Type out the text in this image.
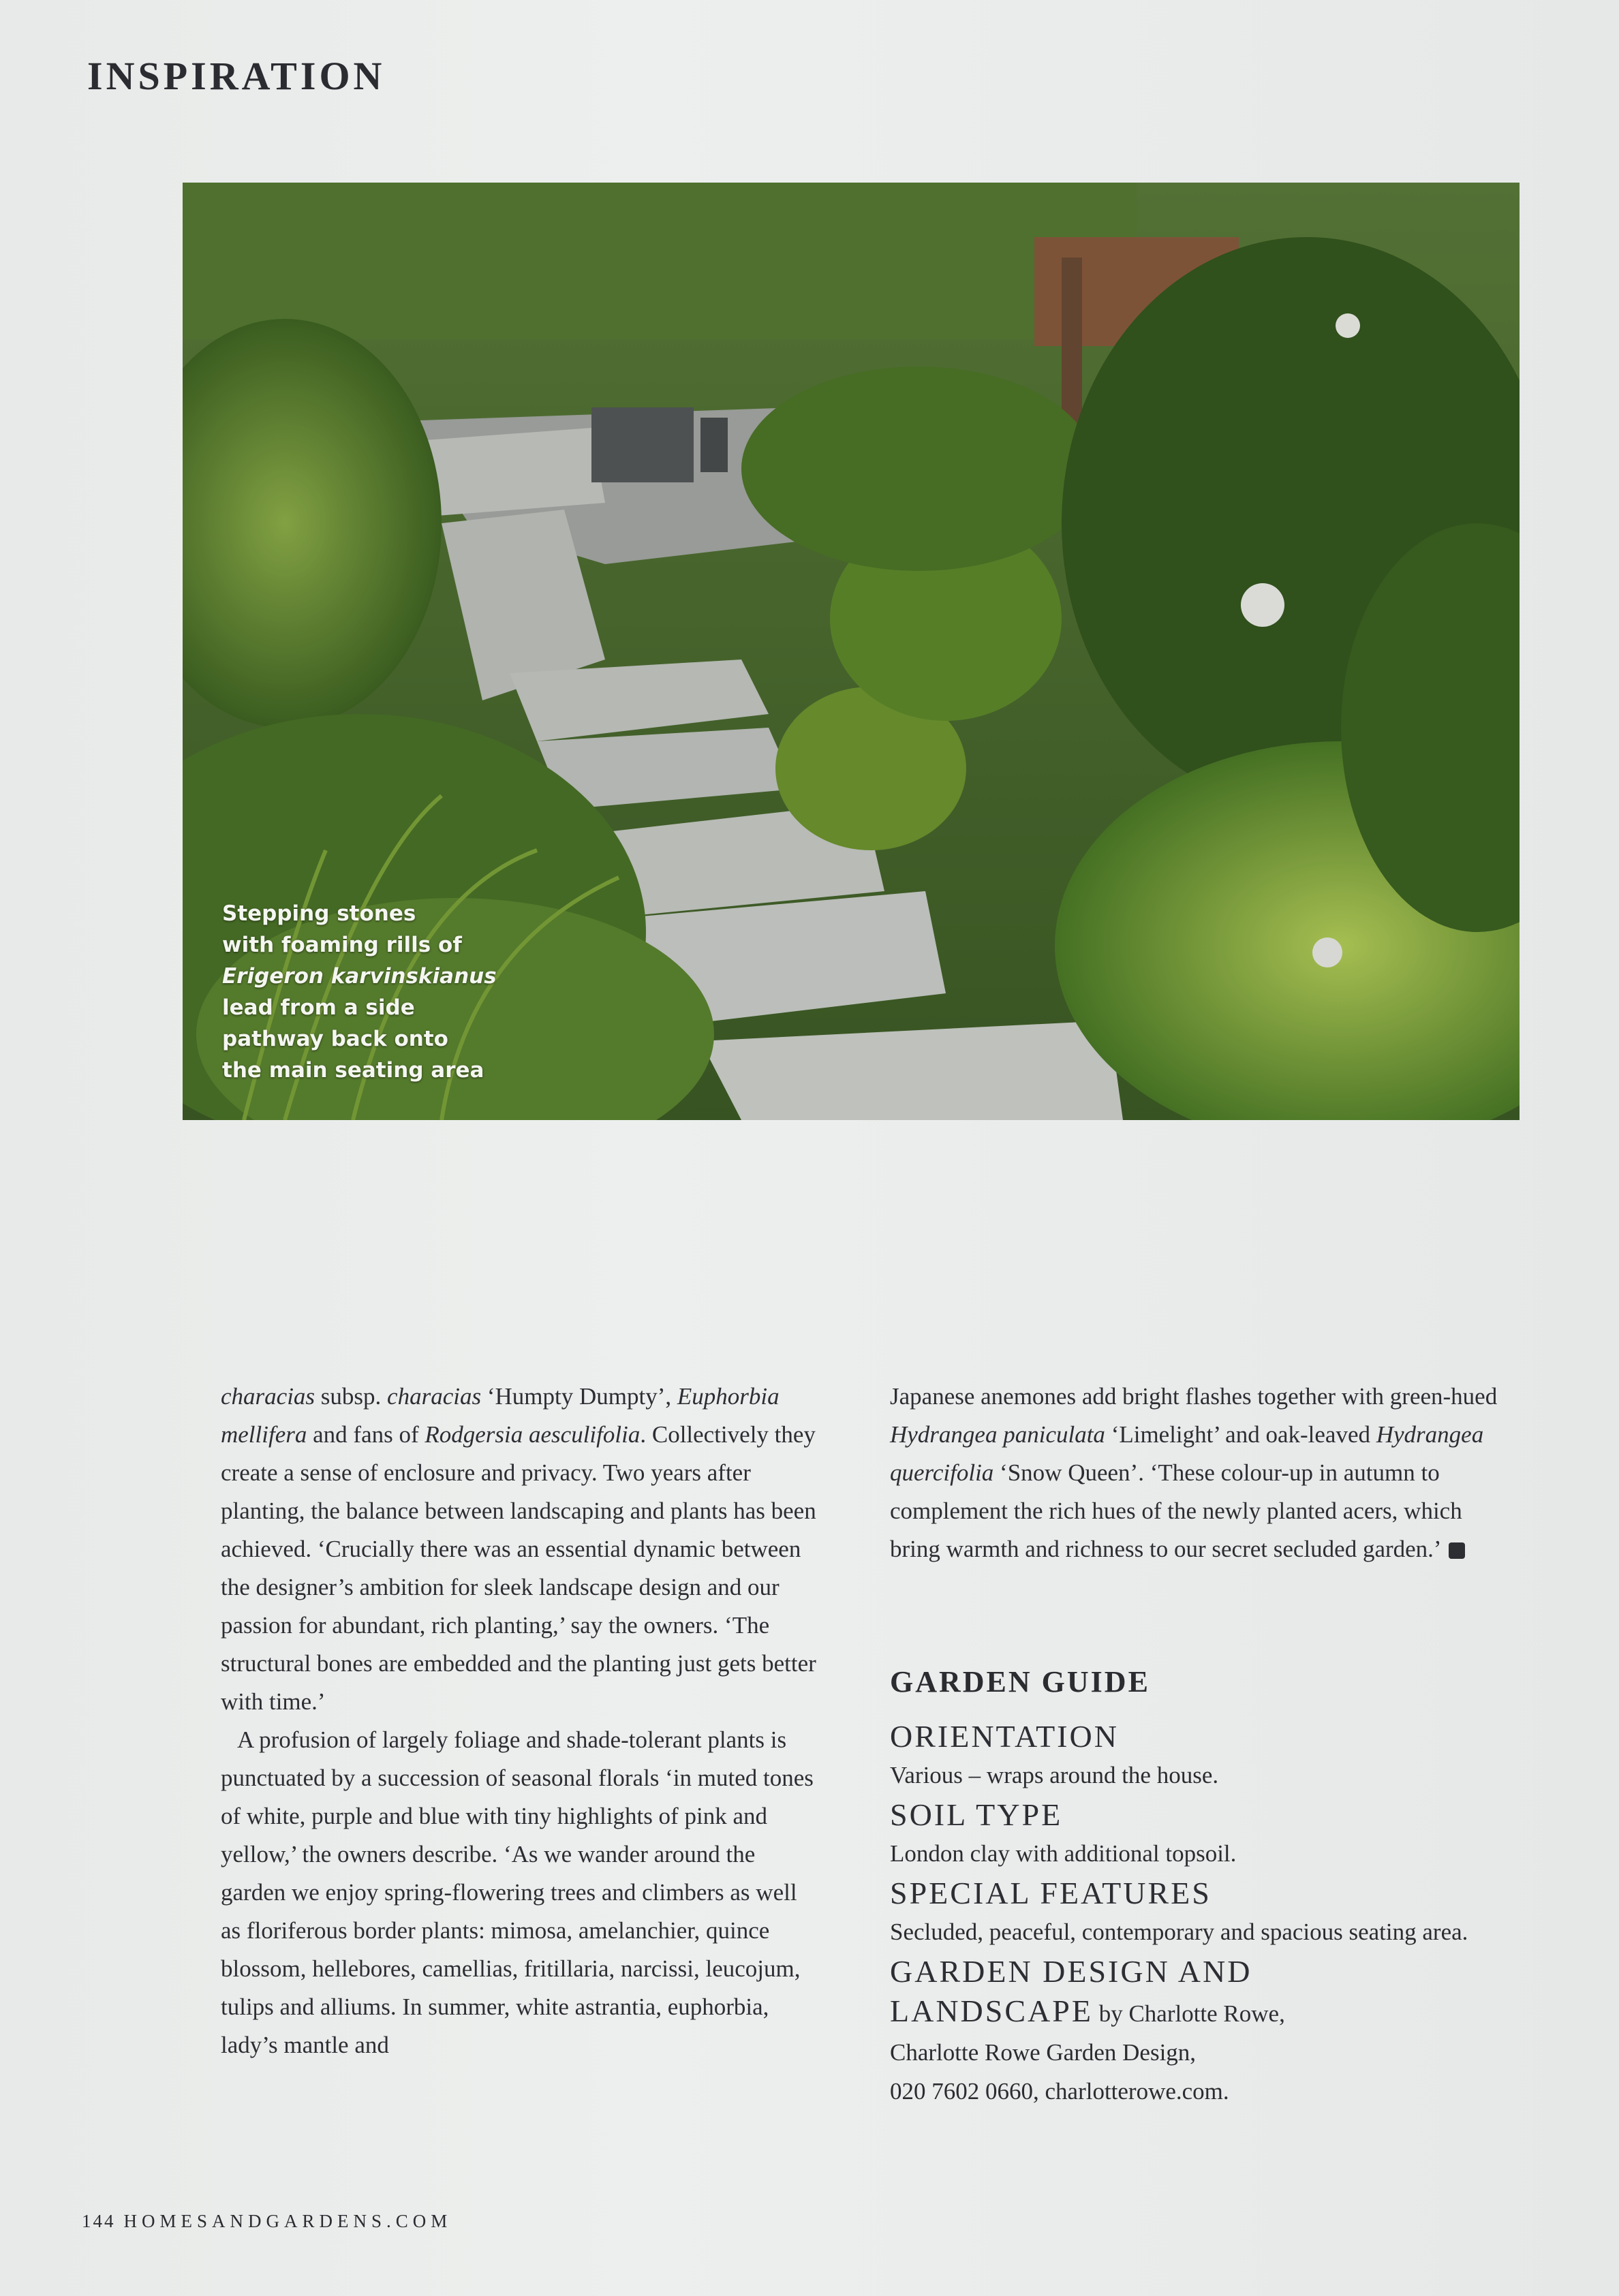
INSPIRATION
Stepping stones
with foaming rills of
Erigeron karvinskianus
lead from a side
pathway back onto
the main seating area

characias subsp. characias ‘Humpty Dumpty’, Euphorbia mellifera and fans of Rodgersia aesculifolia. Collectively they create a sense of enclosure and privacy. Two years after planting, the balance between landscaping and plants has been achieved. ‘Crucially there was an essential dynamic between the designer’s ambition for sleek landscape design and our passion for abundant, rich planting,’ say the owners. ‘The structural bones are embedded and the planting just gets better with time.’

A profusion of largely foliage and shade-tolerant plants is punctuated by a succession of seasonal florals ‘in muted tones of white, purple and blue with tiny highlights of pink and yellow,’ the owners describe. ‘As we wander around the garden we enjoy spring-flowering trees and climbers as well as floriferous border plants: mimosa, amelanchier, quince blossom, hellebores, camellias, fritillaria, narcissi, leucojum, tulips and alliums. In summer, white astrantia, euphorbia, lady’s mantle and

Japanese anemones add bright flashes together with green-hued Hydrangea paniculata ‘Limelight’ and oak-leaved Hydrangea quercifolia ‘Snow Queen’. ‘These colour-up in autumn to complement the rich hues of the newly planted acers, which bring warmth and richness to our secret secluded garden.’

GARDEN GUIDE

ORIENTATION

Various – wraps around the house.

SOIL TYPE

London clay with additional topsoil.

SPECIAL FEATURES

Secluded, peaceful, contemporary and spacious seating area.

GARDEN DESIGN AND

LANDSCAPE by Charlotte Rowe,

Charlotte Rowe Garden Design,

020 7602 0660, charlotterowe.com.

144 HOMESANDGARDENS.COM
